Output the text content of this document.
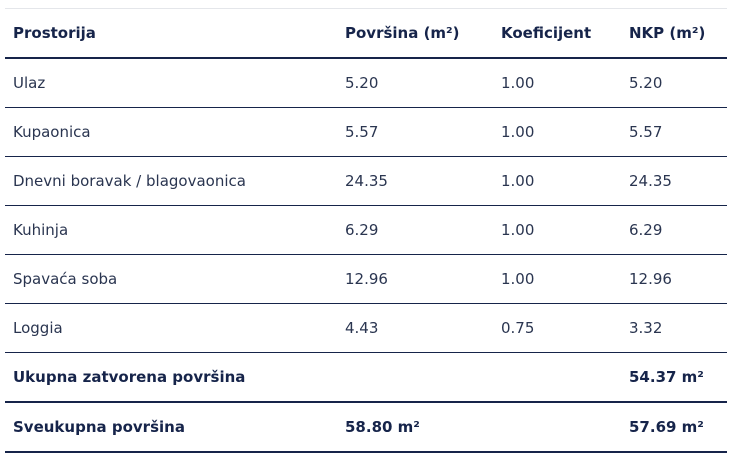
Prostorija	Površina (m²)	Koeficijent	NKP (m²)
Ulaz	5.20	1.00	5.20
Kupaonica	5.57	1.00	5.57
Dnevni boravak / blagovaonica	24.35	1.00	24.35
Kuhinja	6.29	1.00	6.29
Spavaća soba	12.96	1.00	12.96
Loggia	4.43	0.75	3.32
Ukupna zatvorena površina			54.37 m²
Sveukupna površina	58.80 m²		57.69 m²
